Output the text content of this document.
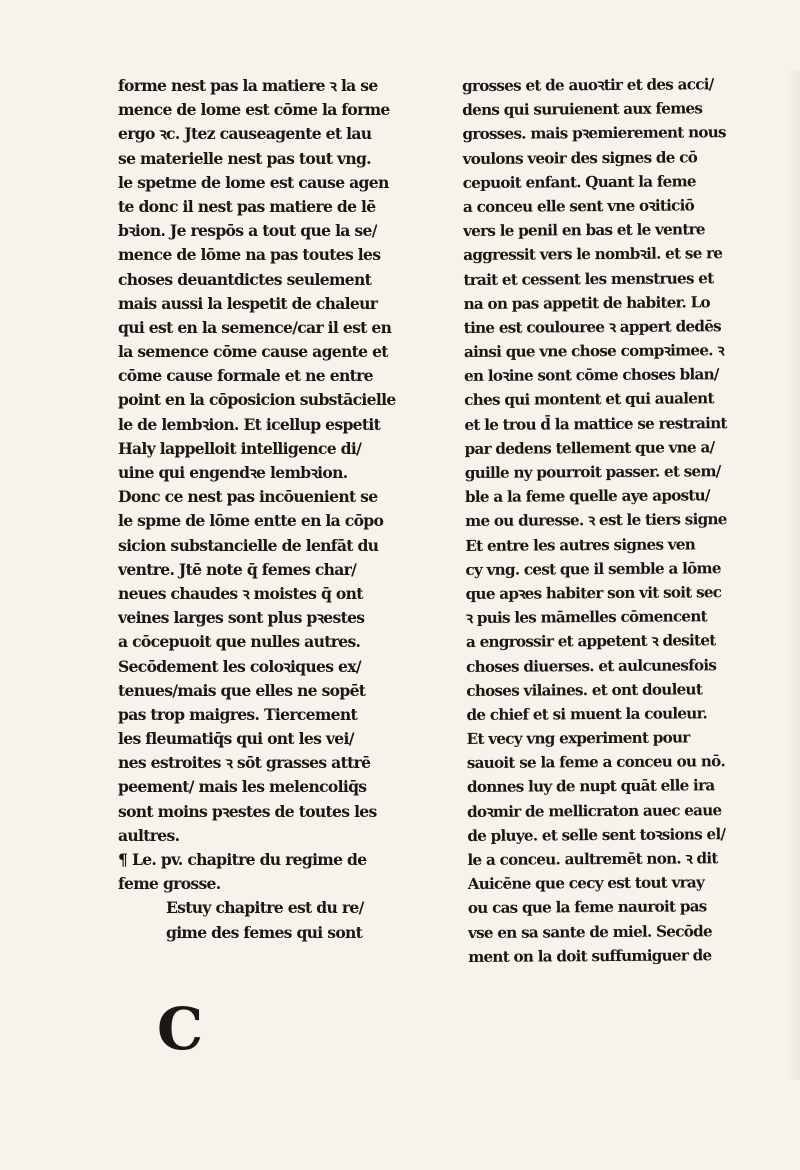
forme nest pas la matiere ꝛ la se
mence de lome est cōme la forme
ergo ꝛc. Jtez causeagente et lau
se materielle nest pas tout vng.
le spetme de lome est cause agen
te donc il nest pas matiere de lē
bꝛion. Je respōs a tout que la se/
mence de lōme na pas toutes les
choses deuantdictes seulement
mais aussi la lespetit de chaleur
qui est en la semence/car il est en
la semence cōme cause agente et
cōme cause formale et ne entre
point en la cōposicion substācielle
le de lembꝛion. Et icellup espetit
Haly lappelloit intelligence di/
uine qui engendꝛe lembꝛion.
Donc ce nest pas incōuenient se
le spme de lōme entte en la cōpo
sicion substancielle de lenfāt du
ventre. Jtē note q̄ femes char/
neues chaudes ꝛ moistes q̄ ont
veines larges sont plus pꝛestes
a cōcepuoit que nulles autres.
Secōdement les coloꝛiques ex/
tenues/mais que elles ne sopēt
pas trop maigres. Tiercement
les fleumatiq̄s qui ont les vei/
nes estroites ꝛ sōt grasses attrē
peement/ mais les melencoliq̄s
sont moins pꝛestes de toutes les
aultres.
¶ Le. pv. chapitre du regime de
feme grosse.
Estuy chapitre est du re/
gime des femes qui sont
C
grosses et de auoꝛtir et des acci/
dens qui suruienent aux femes
grosses. mais pꝛemierement nous
voulons veoir des signes de cō
cepuoit enfant. Quant la feme
a conceu elle sent vne oꝛiticiō
vers le penil en bas et le ventre
aggressit vers le nombꝛil. et se re
trait et cessent les menstrues et
na on pas appetit de habiter. Lo
tine est coulouree ꝛ appert dedēs
ainsi que vne chose compꝛimee. ꝛ
en loꝛine sont cōme choses blan/
ches qui montent et qui aualent
et le trou d̄ la mattice se restraint
par dedens tellement que vne a/
guille ny pourroit passer. et sem/
ble a la feme quelle aye apostu/
me ou duresse. ꝛ est le tiers signe
Et entre les autres signes ven
cy vng. cest que il semble a lōme
que apꝛes habiter son vit soit sec
ꝛ puis les māmelles cōmencent
a engrossir et appetent ꝛ desitet
choses diuerses. et aulcunesfois
choses vilaines. et ont douleut
de chief et si muent la couleur.
Et vecy vng experiment pour
sauoit se la feme a conceu ou nō.
donnes luy de nupt quāt elle ira
doꝛmir de mellicraton auec eaue
de pluye. et selle sent toꝛsions el/
le a conceu. aultremēt non. ꝛ dit
Auicēne que cecy est tout vray
ou cas que la feme nauroit pas
vse en sa sante de miel. Secōde
ment on la doit suffumiguer de
